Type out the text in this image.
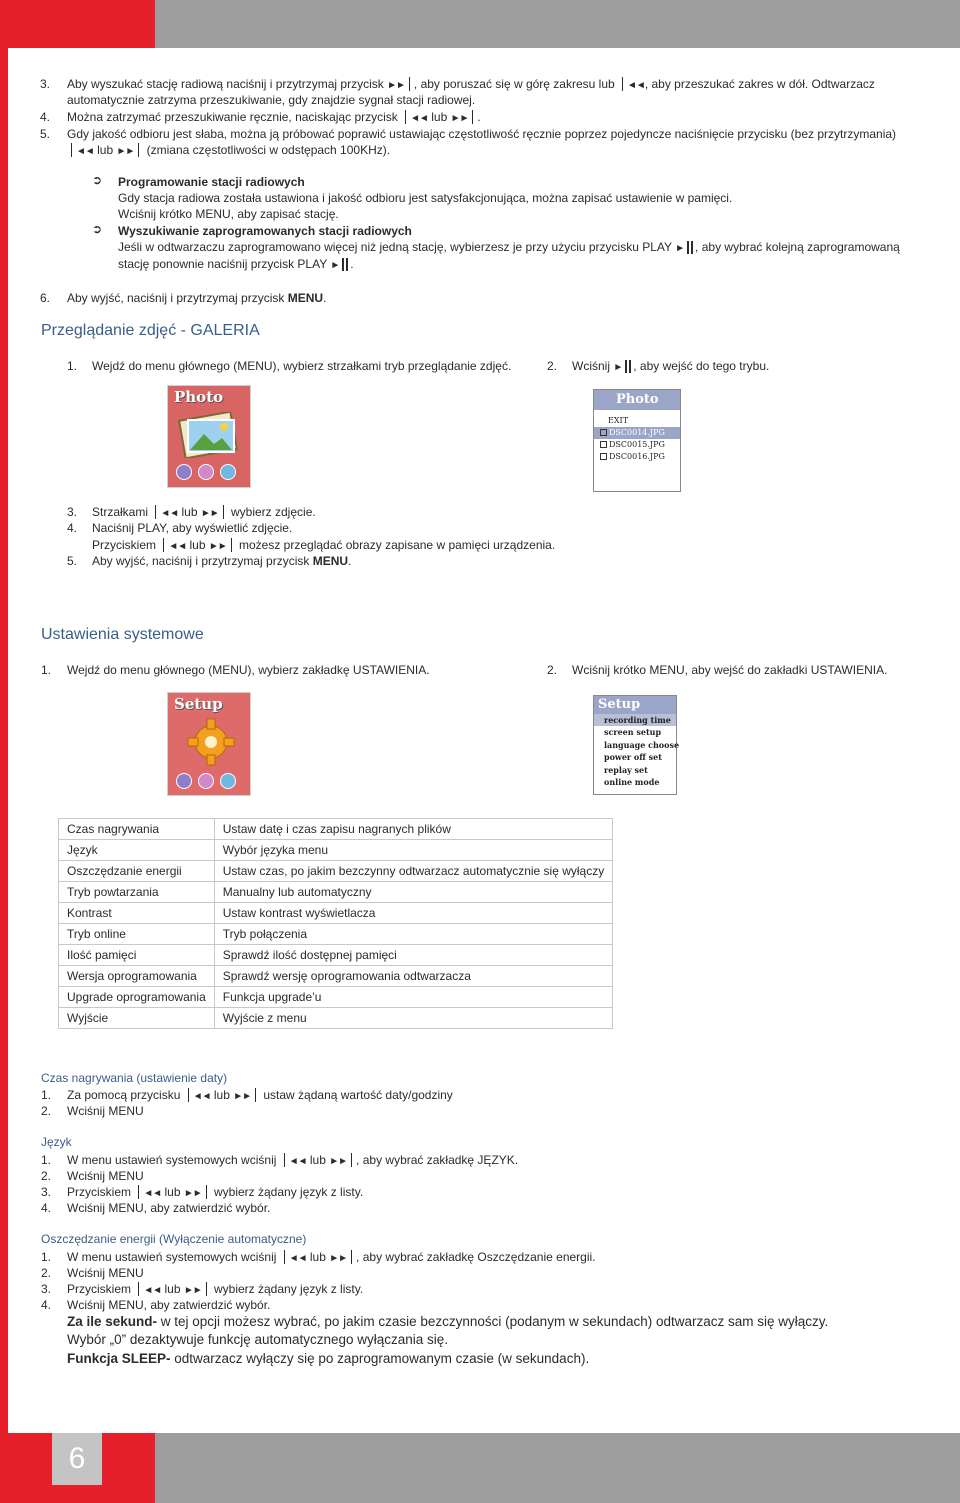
6
3. Aby wyszukać stację radiową naciśnij i przytrzymaj przycisk ►► , aby poruszać się w górę zakresu lub ◄◄, aby przeszukać zakres w dół. Odtwarzacz
automatycznie zatrzyma przeszukiwanie, gdy znajdzie sygnał stacji radiowej.
4. Można zatrzymać przeszukiwanie ręcznie, naciskając przycisk ◄◄ lub ►► .
5. Gdy jakość odbioru jest słaba, można ją próbować poprawić ustawiając częstotliwość ręcznie poprzez pojedyncze naciśnięcie przycisku (bez przytrzymania)
◄◄ lub ►► (zmiana częstotliwości w odstępach 100KHz).
➲ Programowanie stacji radiowych
Gdy stacja radiowa została ustawiona i jakość odbioru jest satysfakcjonująca, można zapisać ustawienie w pamięci.
Wciśnij krótko MENU, aby zapisać stację.
➲ Wyszukiwanie zaprogramowanych stacji radiowych
Jeśli w odtwarzaczu zaprogramowano więcej niż jedną stację, wybierzesz je przy użyciu przycisku PLAY ► , aby wybrać kolejną zaprogramowaną
stację ponownie naciśnij przycisk PLAY ► .
6. Aby wyjść, naciśnij i przytrzymaj przycisk MENU.
Przeglądanie zdjęć - GALERIA
1. Wejdź do menu głównego (MENU), wybierz strzałkami tryb przeglądanie zdjęć.	2. Wciśnij ► , aby wejść do tego trybu.
Photo	Photo
EXIT
DSC0014.JPG
DSC0015.JPG
DSC0016.JPG
3. Strzałkami ◄◄ lub ►► wybierz zdjęcie.
4. Naciśnij PLAY, aby wyświetlić zdjęcie.
Przyciskiem ◄◄ lub ►► możesz przeglądać obrazy zapisane w pamięci urządzenia.
5. Aby wyjść, naciśnij i przytrzymaj przycisk MENU.
Ustawienia systemowe
1. Wejdź do menu głównego (MENU), wybierz zakładkę USTAWIENIA.	2. Wciśnij krótko MENU, aby wejść do zakładki USTAWIENIA.
Setup	Setup
recording time
screen setup
language choose
power off set
replay set
online mode
Czas nagrywania	Ustaw datę i czas zapisu nagranych plików
Język	Wybór języka menu
Oszczędzanie energii	Ustaw czas, po jakim bezczynny odtwarzacz automatycznie się wyłączy
Tryb powtarzania	Manualny lub automatyczny
Kontrast	Ustaw kontrast wyświetlacza
Tryb online	Tryb połączenia
Ilość pamięci	Sprawdź ilość dostępnej pamięci
Wersja oprogramowania	Sprawdź wersję oprogramowania odtwarzacza
Upgrade oprogramowania	Funkcja upgrade’u
Wyjście	Wyjście z menu
Czas nagrywania (ustawienie daty)
1. Za pomocą przycisku ◄◄ lub ►► ustaw żądaną wartość daty/godziny
2. Wciśnij MENU
Język
1. W menu ustawień systemowych wciśnij ◄◄ lub ►► , aby wybrać zakładkę JĘZYK.
2. Wciśnij MENU
3. Przyciskiem ◄◄ lub ►► wybierz żądany język z listy.
4. Wciśnij MENU, aby zatwierdzić wybór.
Oszczędzanie energii (Wyłączenie automatyczne)
1. W menu ustawień systemowych wciśnij ◄◄ lub ►► , aby wybrać zakładkę Oszczędzanie energii.
2. Wciśnij MENU
3. Przyciskiem ◄◄ lub ►► wybierz żądany język z listy.
4. Wciśnij MENU, aby zatwierdzić wybór.
Za ile sekund- w tej opcji możesz wybrać, po jakim czasie bezczynności (podanym w sekundach) odtwarzacz sam się wyłączy.
Wybór „0” dezaktywuje funkcję automatycznego wyłączania się.
Funkcja SLEEP- odtwarzacz wyłączy się po zaprogramowanym czasie (w sekundach).
